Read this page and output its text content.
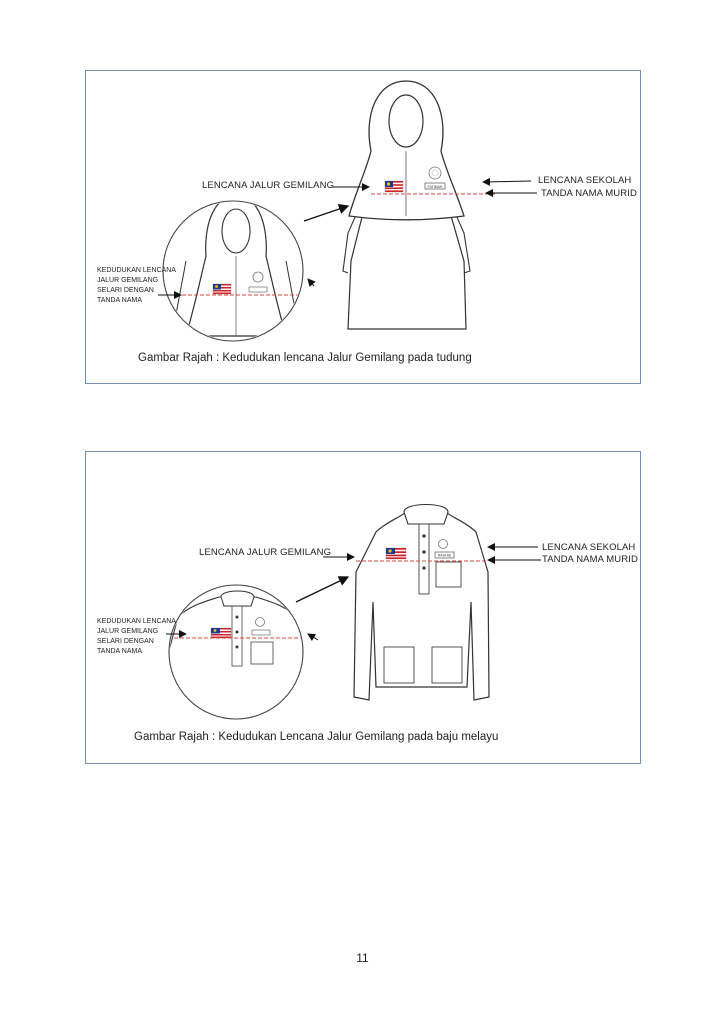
FATIMAH
LENCANA JALUR GEMILANG	LENCANA SEKOLAH
TANDA NAMA MURID
KEDUDUKAN LENCANA JALUR GEMILANG SELARI DENGAN TANDA NAMA
Gambar Rajah : Kedudukan lencana Jalur Gemilang pada tudung
RASHID
LENCANA JALUR GEMILANG	LENCANA SEKOLAH
TANDA NAMA MURID
KEDUDUKAN LENCANA JALUR GEMILANG SELARI DENGAN TANDA NAMA
Gambar Rajah : Kedudukan Lencana Jalur Gemilang pada baju melayu
11
